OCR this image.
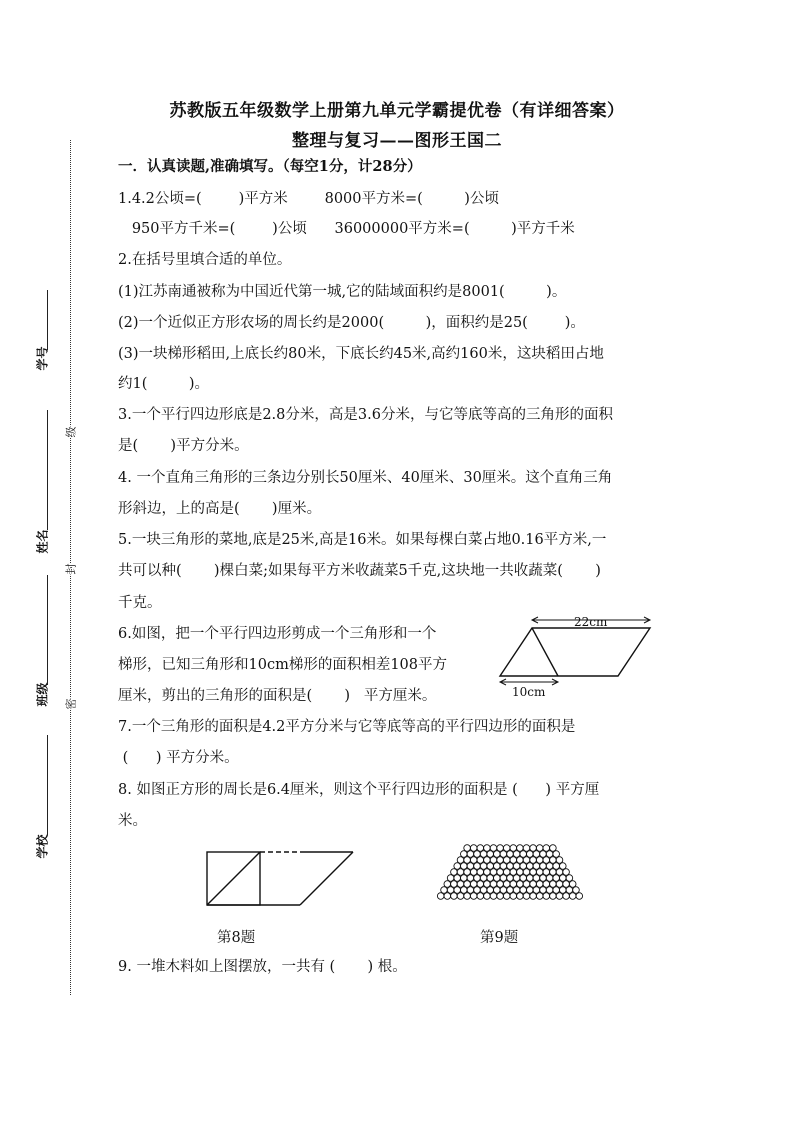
学号
姓名
班级
学校
级
封
密
苏教版五年级数学上册第九单元学霸提优卷（有详细答案）
整理与复习——图形王国二
一．认真读题,准确填写。（每空1分，计28分）
1.4.2公顷=(        )平方米        8000平方米=(         )公顷
950平方千米=(        )公顷      36000000平方米=(         )平方千米
2.在括号里填合适的单位。
(1)江苏南通被称为中国近代第一城,它的陆域面积约是8001(         )。
(2)一个近似正方形农场的周长约是2000(         )，面积约是25(        )。
(3)一块梯形稻田,上底长约80米，下底长约45米,高约160米，这块稻田占地
约1(         )。
3.一个平行四边形底是2.8分米，高是3.6分米，与它等底等高的三角形的面积
是(       )平方分米。
4. 一个直角三角形的三条边分别长50厘米、40厘米、30厘米。这个直角三角
形斜边，上的高是(       )厘米。
5.一块三角形的菜地,底是25米,高是16米。如果每棵白菜占地0.16平方米,一
共可以种(       )棵白菜;如果每平方米收蔬菜5千克,这块地一共收蔬菜(       )
千克。
6.如图，把一个平行四边形剪成一个三角形和一个
梯形，已知三角形和10cm梯形的面积相差108平方
厘米，剪出的三角形的面积是(       )   平方厘米。
7.一个三角形的面积是4.2平方分米与它等底等高的平行四边形的面积是
(      ) 平方分米。
8. 如图正方形的周长是6.4厘米，则这个平行四边形的面积是 (      ) 平方厘
米。
9. 一堆木料如上图摆放，一共有 (       ) 根。
22cm
10cm
第8题	第9题
